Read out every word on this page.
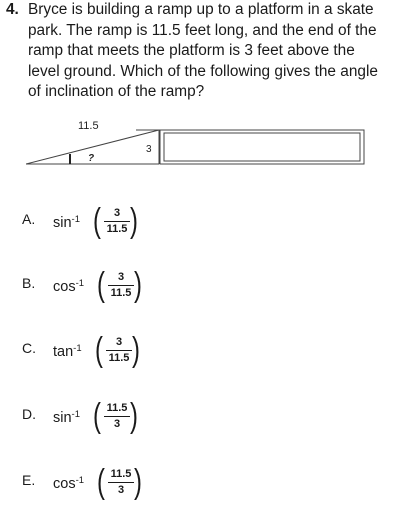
4. Bryce is building a ramp up to a platform in a skate
park. The ramp is 11.5 feet long, and the end of the
ramp that meets the platform is 3 feet above the
level ground. Which of the following gives the angle
of inclination of the ramp?
11.5
?
3
A. $\sin^{-1}$ (	3
11.5 )
B. $\cos^{-1}$ (	3
11.5 )
C. $\tan^{-1}$ (	3
11.5 )
D. $\sin^{-1}$ ( 11.5
3 )
E. $\cos^{-1}$ ( 11.5
3 )
